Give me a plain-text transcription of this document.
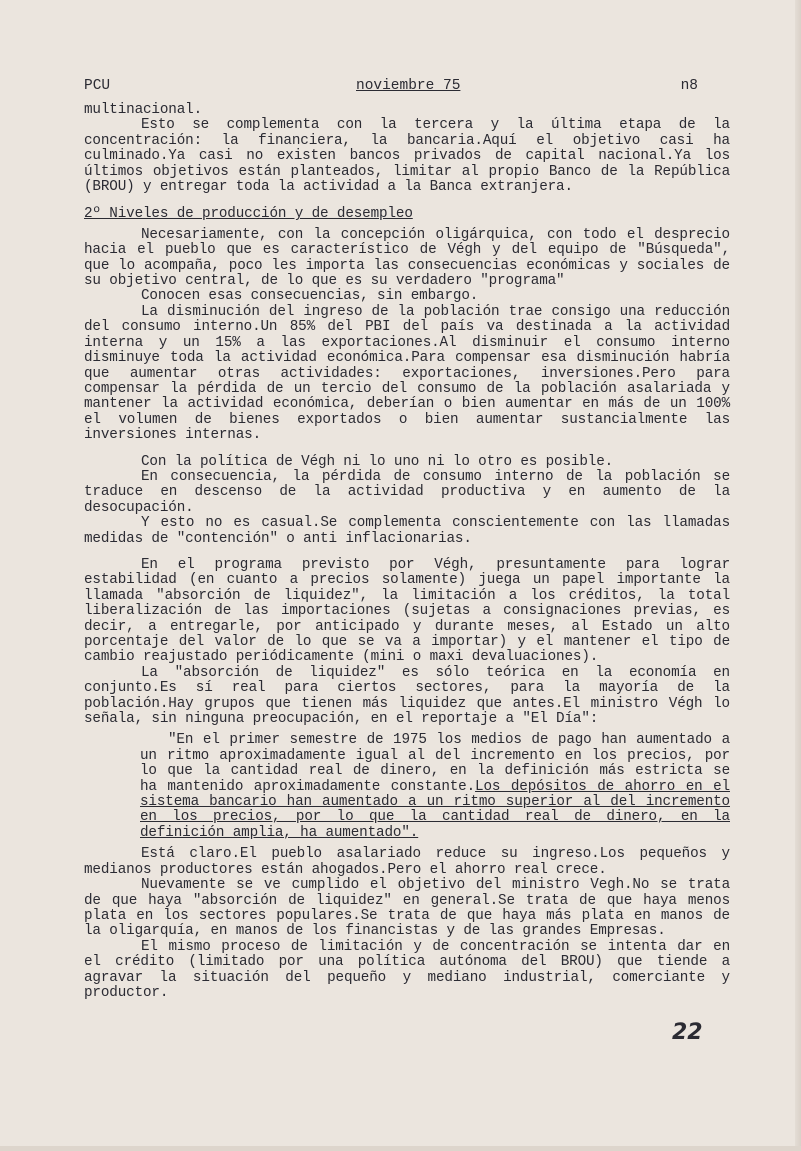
PCU	noviembre 75	n8

multinacional.

Esto se complementa con la tercera y la última etapa de la concentración: la financiera, la bancaria.Aquí el objetivo casi ha culminado.Ya casi no existen bancos privados de capital nacional.Ya los últimos objetivos están planteados, limitar al propio Banco de la República (BROU) y entregar toda la actividad a la Banca extranjera.

2º Niveles de producción y de desempleo

Necesariamente, con la concepción oligárquica, con todo el desprecio hacia el pueblo que es característico de Végh y del equipo de "Búsqueda", que lo acompaña, poco les importa las consecuencias económicas y sociales de su objetivo central, de lo que es su verdadero "programa"

Conocen esas consecuencias, sin embargo.

La disminución del ingreso de la población trae consigo una reducción del consumo interno.Un 85% del PBI del país va destinada a la actividad interna y un 15% a las exportaciones.Al disminuir el consumo interno disminuye toda la actividad económica.Para compensar esa disminución habría que aumentar otras actividades: exportaciones, inversiones.Pero para compensar la pérdida de un tercio del consumo de la población asalariada y mantener la actividad económica, deberían o bien aumentar en más de un 100% el volumen de bienes exportados o bien aumentar sustancialmente las inversiones internas.

Con la política de Végh ni lo uno ni lo otro es posible.

En consecuencia, la pérdida de consumo interno de la población se traduce en descenso de la actividad productiva y en aumento de la desocupación.

Y esto no es casual.Se complementa conscientemente con las llamadas medidas de "contención" o anti inflacionarias.

En el programa previsto por Végh, presuntamente para lograr estabilidad (en cuanto a precios solamente) juega un papel importante la llamada "absorción de liquidez", la limitación a los créditos, la total liberalización de las importaciones (sujetas a consignaciones previas, es decir, a entregarle, por anticipado y durante meses, al Estado un alto porcentaje del valor de lo que se va a importar) y el mantener el tipo de cambio reajustado periódicamente (mini o maxi devaluaciones).

La "absorción de liquidez" es sólo teórica en la economía en conjunto.Es sí real para ciertos sectores, para la mayoría de la población.Hay grupos que tienen más liquidez que antes.El ministro Végh lo señala, sin ninguna preocupación, en el reportaje a "El Día":

"En el primer semestre de 1975 los medios de pago han aumentado a un ritmo aproximadamente igual al del incremento en los precios, por lo que la cantidad real de dinero, en la definición más estricta se ha mantenido aproximadamente constante.Los depósitos de ahorro en el sistema bancario han aumentado a un ritmo superior al del incremento en los precios, por lo que la cantidad real de dinero, en la definición amplia, ha aumentado".

Está claro.El pueblo asalariado reduce su ingreso.Los pequeños y medianos productores están ahogados.Pero el ahorro real crece.

Nuevamente se ve cumplido el objetivo del ministro Vegh.No se trata de que haya "absorción de liquidez" en general.Se trata de que haya menos plata en los sectores populares.Se trata de que haya más plata en manos de la oligarquía, en manos de los financistas y de las grandes Empresas.

El mismo proceso de limitación y de concentración se intenta dar en el crédito (limitado por una política autónoma del BROU) que tiende a agravar la situación del pequeño y mediano industrial, comerciante y productor.

22
